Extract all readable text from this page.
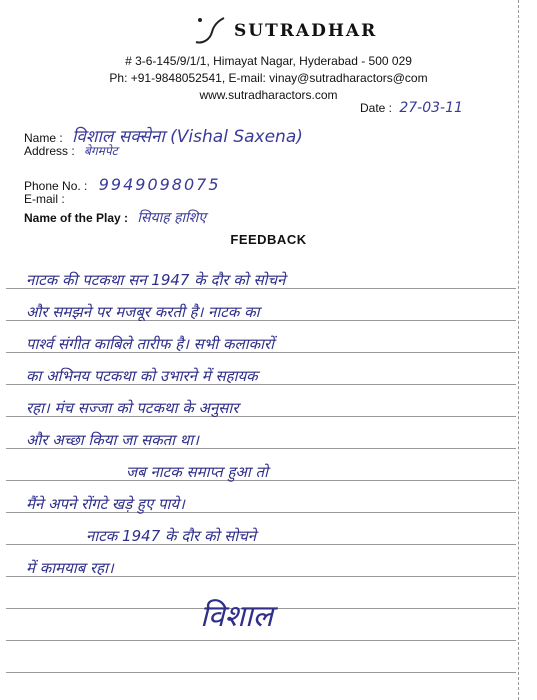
SUTRADHAR
# 3-6-145/9/1/1, Himayat Nagar, Hyderabad - 500 029
Ph: +91-9848052541, E-mail: vinay@sutradharactors@com
www.sutradharactors.com
Date : 27-03-11
Name : विशाल सक्सेना (Vishal Saxena)
Address : बेगमपेट
Phone No. : 9949098075
E-mail :
Name of the Play : सियाह हाशिए
FEEDBACK
नाटक की पटकथा सन 1947 के दौर को सोचने
और समझने पर मजबूर करती है। नाटक का
पार्श्व संगीत काबिले तारीफ है। सभी कलाकारों
का अभिनय पटकथा को उभारने में सहायक
रहा। मंच सज्जा को पटकथा के अनुसार
और अच्छा किया जा सकता था।
जब नाटक समाप्त हुआ तो
मैंने अपने रोंगटे खड़े हुए पाये।
नाटक 1947 के दौर को सोचने
में कामयाब रहा।
विशाल
